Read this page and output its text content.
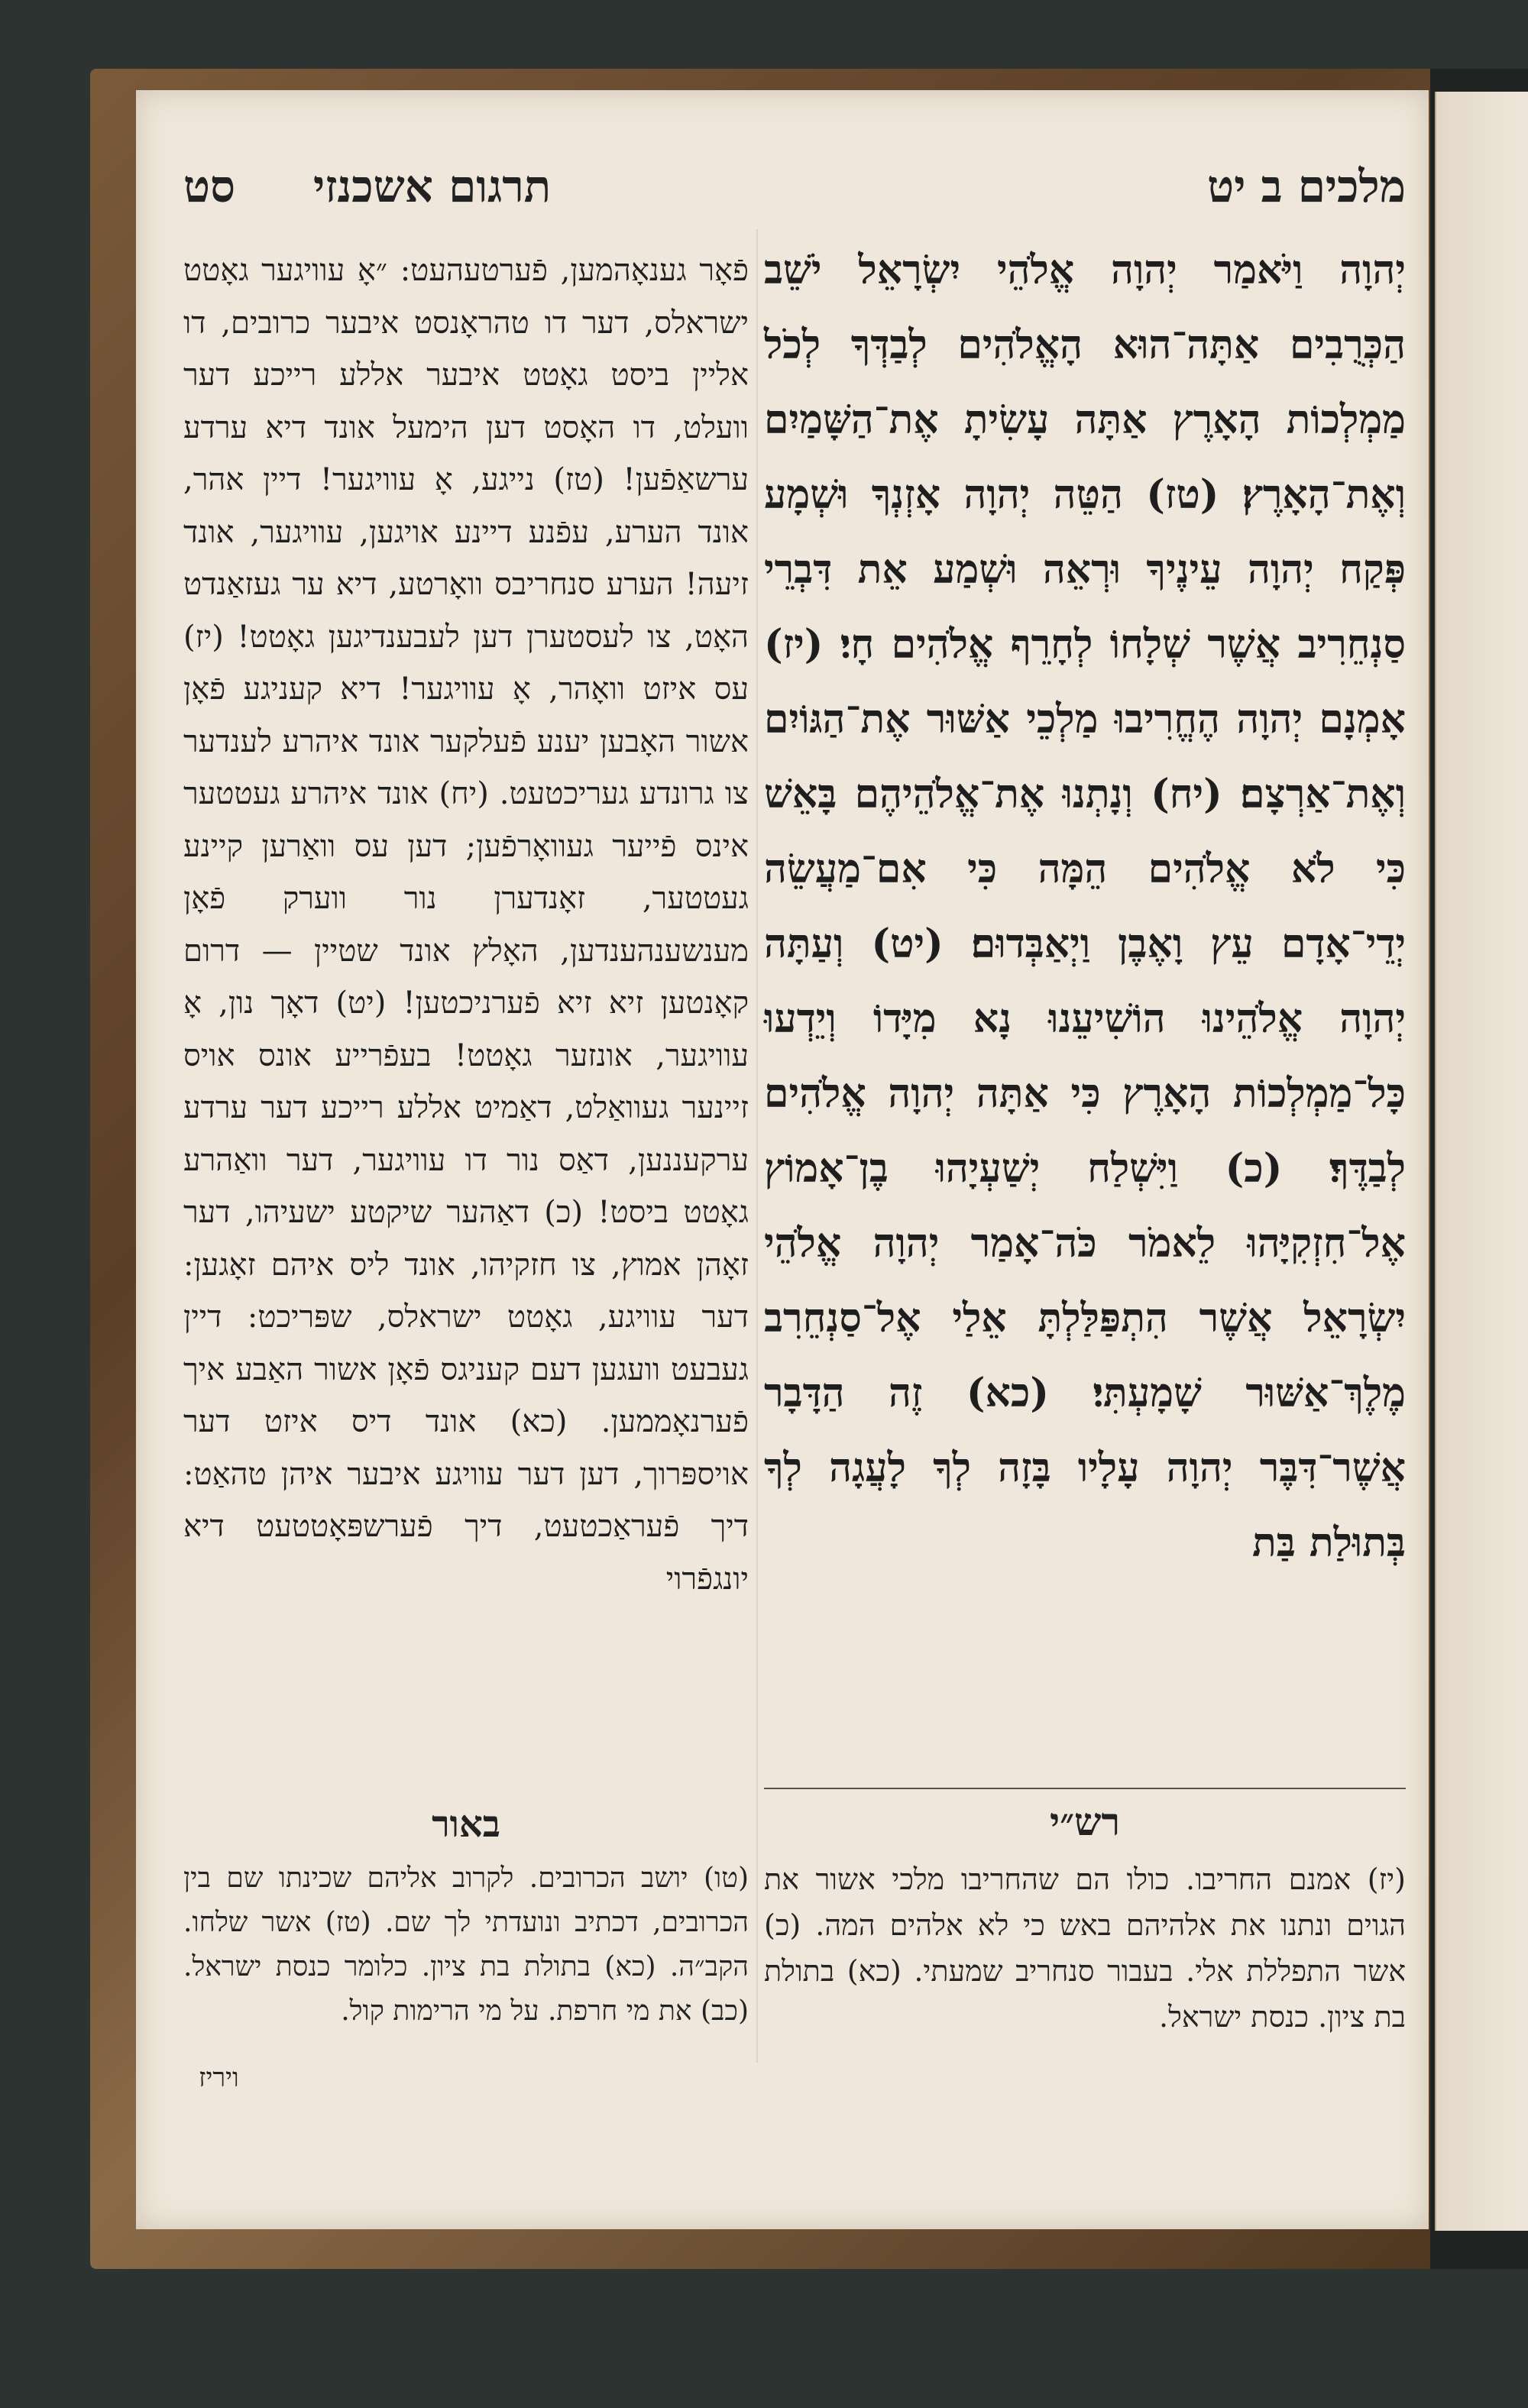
מלכים ב יט
תרגום אשכנזי
סט

יְהוָה וַיֹּאמַר יְהוָה אֱלֹהֵי יִשְׂרָאֵל יֹשֵׁב הַכְּרֻבִים אַתָּה־הוּא הָאֱלֹהִים לְבַדְּךָ לְכֹל מַמְלְכוֹת הָאָרֶץ אַתָּה עָשִׂיתָ אֶת־הַשָּׁמַיִם וְאֶת־הָאָרֶץ׃ (טז) הַטֵּה יְהוָה אָזְנְךָ וּשְׁמָע פְּקַח יְהוָה עֵינֶיךָ וּרְאֵה וּשְׁמַע אֵת דִּבְרֵי סַנְחֵרִיב אֲשֶׁר שְׁלָחוֹ לְחָרֵף אֱלֹהִים חָי׃ (יז) אָמְנָם יְהוָה הֶחֱרִיבוּ מַלְכֵי אַשּׁוּר אֶת־הַגּוֹיִם וְאֶת־אַרְצָם׃ (יח) וְנָתְנוּ אֶת־אֱלֹהֵיהֶם בָּאֵשׁ כִּי לֹא אֱלֹהִים הֵמָּה כִּי אִם־מַעֲשֵׂה יְדֵי־אָדָם עֵץ וָאֶבֶן וַיְאַבְּדוּם׃ (יט) וְעַתָּה יְהוָה אֱלֹהֵינוּ הוֹשִׁיעֵנוּ נָא מִיָּדוֹ וְיֵדְעוּ כָּל־מַמְלְכוֹת הָאָרֶץ כִּי אַתָּה יְהוָה אֱלֹהִים לְבַדֶּךָ׃ (כ) וַיִּשְׁלַח יְשַׁעְיָהוּ בֶן־אָמוֹץ אֶל־חִזְקִיָּהוּ לֵאמֹר כֹּה־אָמַר יְהוָה אֱלֹהֵי יִשְׂרָאֵל אֲשֶׁר הִתְפַּלַּלְתָּ אֵלַי אֶל־סַנְחֵרִב מֶלֶךְ־אַשּׁוּר שָׁמָעְתִּי׃ (כא) זֶה הַדָּבָר אֲשֶׁר־דִּבֶּר יְהוָה עָלָיו בָּזָה לְךָ לָעֲגָה לְךָ בְּתוּלַת בַּת

פֿאָר גענאָהמען, פֿערטעהעט: ״אָ עוויגער גאָטט ישראלס, דער דו טהראָנסט איבער כרובים, דו אליין ביסט גאָטט איבער אללע רייכע דער וועלט, דו האָסט דען הימעל אונד דיא ערדע ערשאַפֿען! (טז) נייגע, אָ עוויגער! דיין אהר, אונד הערע, עפֿנע דיינע אויגען, עוויגער, אונד זיעה! הערע סנחריבס וואָרטע, דיא ער געזאַנדט האָט, צו לעסטערן דען לעבענדיגען גאָטט! (יז) עס איזט וואָהר, אָ עוויגער! דיא קעניגע פֿאָן אשור האָבען יענע פֿעלקער אונד איהרע לענדער צו גרונדע געריכטעט. (יח) אונד איהרע געטטער אינס פֿייער געוואָרפֿען; דען עס וואַרען קיינע געטטער, זאָנדערן נור ווערק פֿאָן מענשענהענדען, האָלץ אונד שטיין — דרום קאָנטען זיא זיא פֿערניכטען! (יט) דאָך נון, אָ עוויגער, אונזער גאָטט! בעפֿרייע אונס אויס זיינער געוואַלט, דאַמיט אללע רייכע דער ערדע ערקעננען, דאַס נור דו עוויגער, דער וואַהרע גאָטט ביסט! (כ) דאַהער שיקטע ישעיהו, דער זאָהן אמוץ, צו חזקיהו, אונד ליס איהם זאָגען: דער עוויגע, גאָטט ישראלס, שפּריכט: דיין געבעט וועגען דעם קעניגס פֿאָן אשור האַבע איך פֿערנאָממען. (כא) אונד דיס איזט דער אויספּרוך, דען דער עוויגע איבער איהן טהאַט: דיך פֿעראַכטעט, דיך פֿערשפּאָטטעט דיא יונגפֿרוי

רש״י
(יז) אמנם החריבו. כולו הם שהחריבו מלכי אשור את הגוים ונתנו את אלהיהם באש כי לא אלהים המה. (כ) אשר התפללת אלי. בעבור סנחריב שמעתי. (כא) בתולת בת ציון. כנסת ישראל.
באור
(טו) יושב הכרובים. לקרוב אליהם שכינתו שם בין הכרובים, דכתיב ונועדתי לך שם. (טז) אשר שלחו. הקב״ה. (כא) בתולת בת ציון. כלומר כנסת ישראל. (כב) את מי חרפת. על מי הרימות קול.
ויריז
